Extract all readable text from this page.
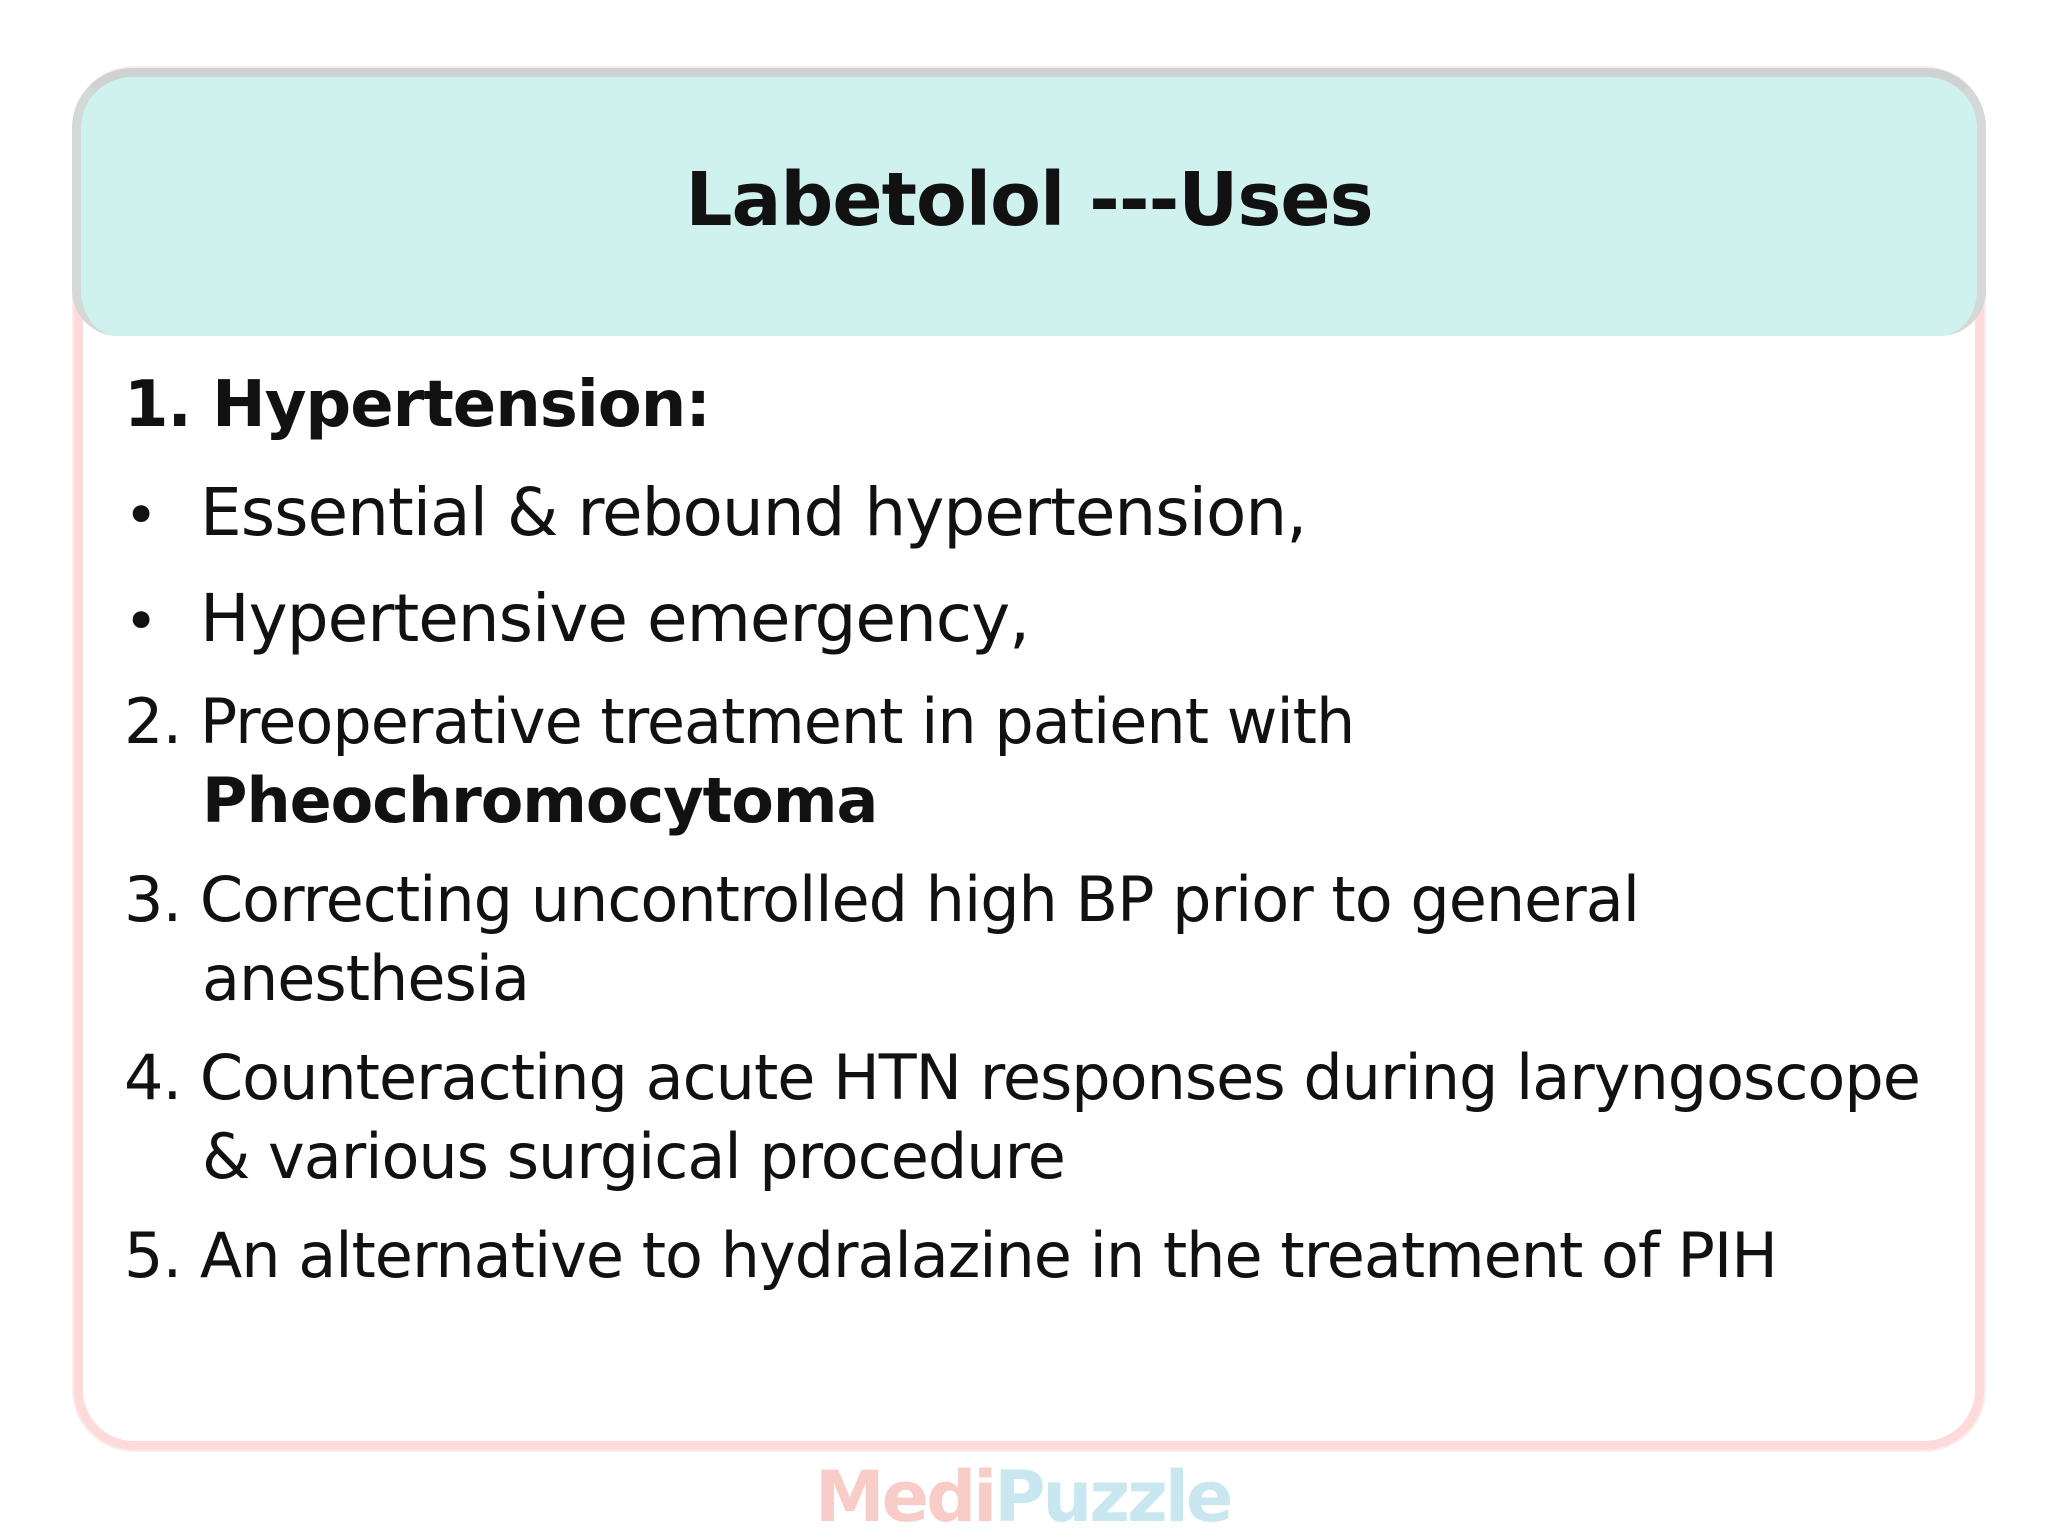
Labetolol ---Uses
1. Hypertension:
• Essential & rebound hypertension,
• Hypertensive emergency,
2. Preoperative treatment in patient with
Pheochromocytoma
3. Correcting uncontrolled high BP prior to general
anesthesia
4. Counteracting acute HTN responses during laryngoscope
& various surgical procedure
5. An alternative to hydralazine in the treatment of PIH
MediPuzzle
